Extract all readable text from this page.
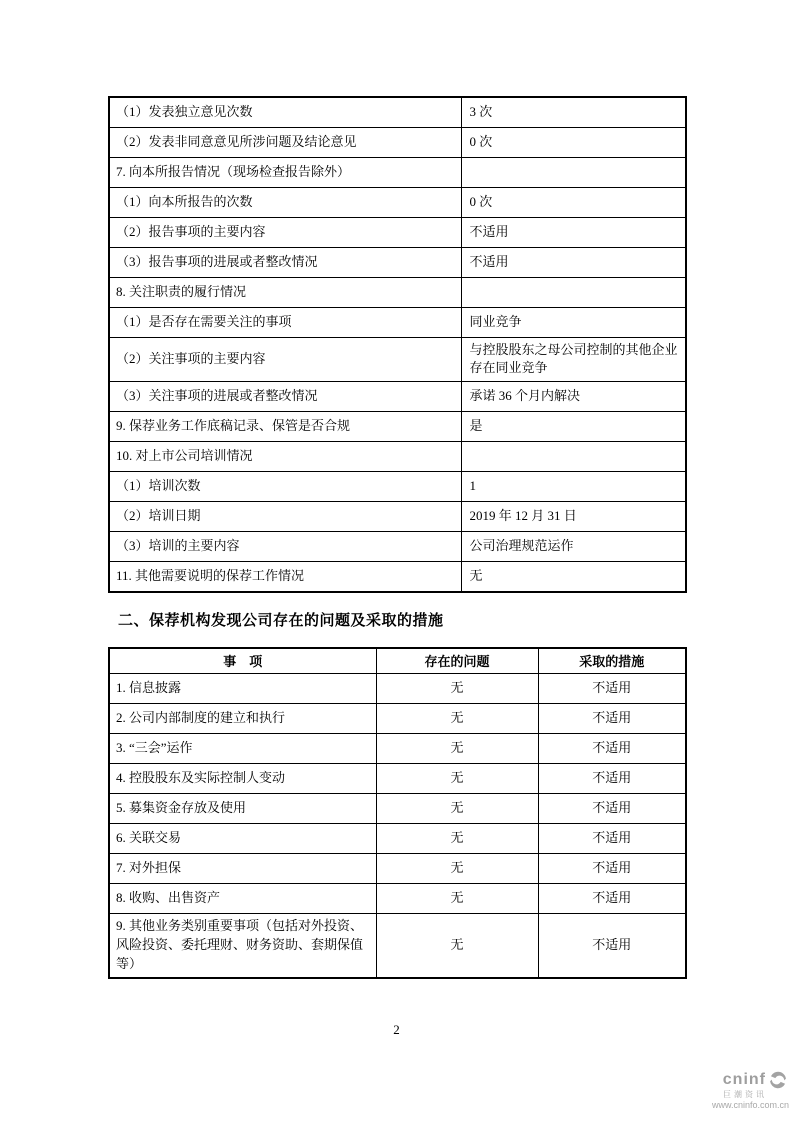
（1）发表独立意见次数	3 次
（2）发表非同意意见所涉问题及结论意见	0 次
7. 向本所报告情况（现场检查报告除外）	
（1）向本所报告的次数	0 次
（2）报告事项的主要内容	不适用
（3）报告事项的进展或者整改情况	不适用
8. 关注职责的履行情况	
（1）是否存在需要关注的事项	同业竞争
（2）关注事项的主要内容	与控股股东之母公司控制的其他企业存在同业竞争
（3）关注事项的进展或者整改情况	承诺 36 个月内解决
9. 保荐业务工作底稿记录、保管是否合规	是
10. 对上市公司培训情况	
（1）培训次数	1
（2）培训日期	2019 年 12 月 31 日
（3）培训的主要内容	公司治理规范运作
11. 其他需要说明的保荐工作情况	无
二、保荐机构发现公司存在的问题及采取的措施
事　项	存在的问题	采取的措施
1. 信息披露	无	不适用
2. 公司内部制度的建立和执行	无	不适用
3. “三会”运作	无	不适用
4. 控股股东及实际控制人变动	无	不适用
5. 募集资金存放及使用	无	不适用
6. 关联交易	无	不适用
7. 对外担保	无	不适用
8. 收购、出售资产	无	不适用
9. 其他业务类别重要事项（包括对外投资、风险投资、委托理财、财务资助、套期保值等）	无	不适用
2
cninf
巨潮资讯
www.cninfo.com.cn
